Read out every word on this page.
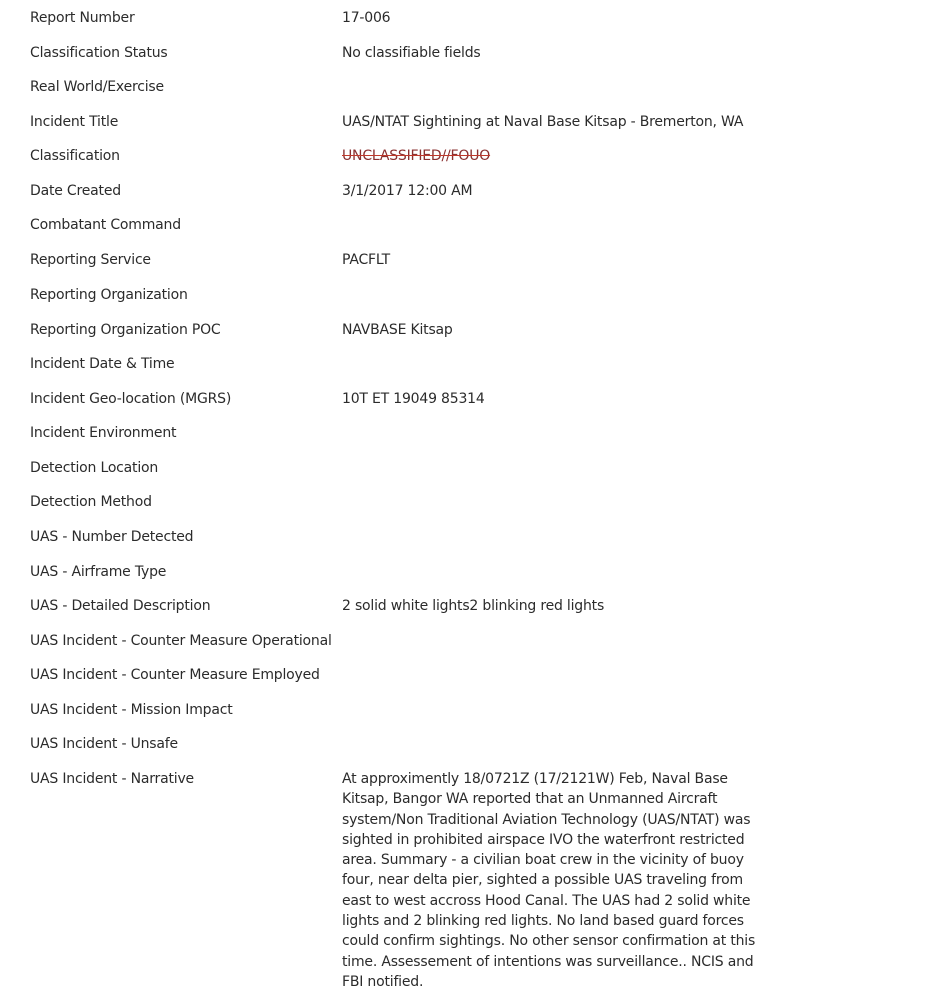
Report Number	17-006
Classification Status	No classifiable fields
Real World/Exercise
Incident Title	UAS/NTAT Sightining at Naval Base Kitsap - Bremerton, WA
Classification	UNCLASSIFIED//FOUO
Date Created	3/1/2017 12:00 AM
Combatant Command
Reporting Service	PACFLT
Reporting Organization
Reporting Organization POC	NAVBASE Kitsap
Incident Date & Time
Incident Geo-location (MGRS)	10T ET 19049 85314
Incident Environment
Detection Location
Detection Method
UAS - Number Detected
UAS - Airframe Type
UAS - Detailed Description	2 solid white lights2 blinking red lights
UAS Incident - Counter Measure Operational
UAS Incident - Counter Measure Employed
UAS Incident - Mission Impact
UAS Incident - Unsafe
UAS Incident - Narrative	At approximently 18/0721Z (17/2121W) Feb, Naval Base
Kitsap, Bangor WA reported that an Unmanned Aircraft
system/Non Traditional Aviation Technology (UAS/NTAT) was
sighted in prohibited airspace IVO the waterfront restricted
area. Summary - a civilian boat crew in the vicinity of buoy
four, near delta pier, sighted a possible UAS traveling from
east to west accross Hood Canal. The UAS had 2 solid white
lights and 2 blinking red lights. No land based guard forces
could confirm sightings. No other sensor confirmation at this
time. Assessement of intentions was surveillance.. NCIS and
FBI notified.
